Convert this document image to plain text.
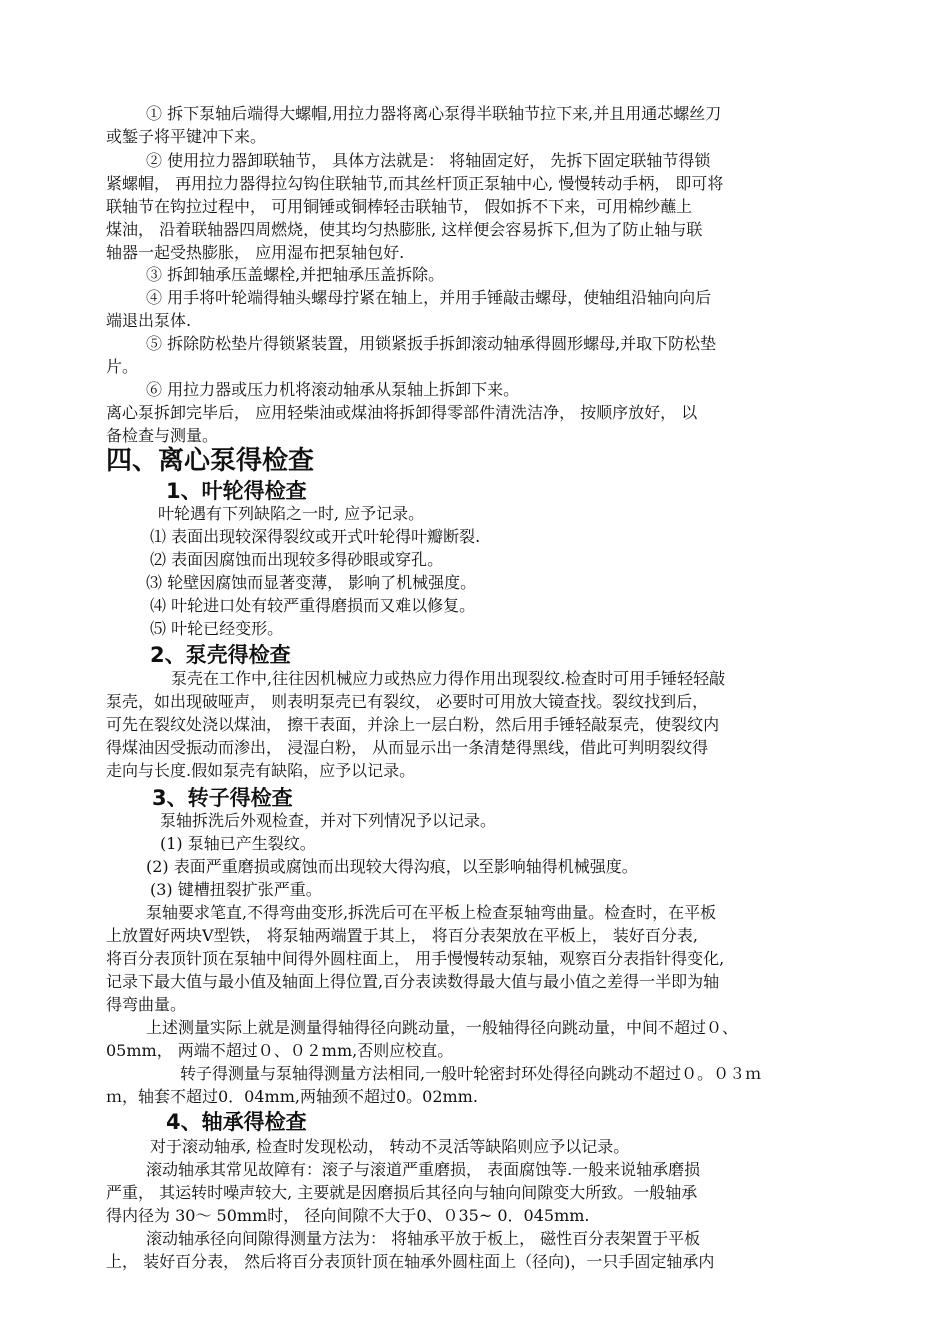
① 拆下泵轴后端得大螺帽,用拉力器将离心泵得半联轴节拉下来,并且用通芯螺丝刀
或錾子将平键冲下来。
② 使用拉力器卸联轴节， 具体方法就是： 将轴固定好， 先拆下固定联轴节得锁
紧螺帽， 再用拉力器得拉勾钩住联轴节,而其丝杆顶正泵轴中心, 慢慢转动手柄， 即可将
联轴节在钩拉过程中， 可用铜锤或铜棒轻击联轴节， 假如拆不下来，可用棉纱蘸上
煤油， 沿着联轴器四周燃烧，使其均匀热膨胀, 这样便会容易拆下,但为了防止轴与联
轴器一起受热膨胀， 应用湿布把泵轴包好.
③ 拆卸轴承压盖螺栓,并把轴承压盖拆除。
④ 用手将叶轮端得轴头螺母拧紧在轴上，并用手锤敲击螺母，使轴组沿轴向向后
端退出泵体.
⑤ 拆除防松垫片得锁紧装置，用锁紧扳手拆卸滚动轴承得圆形螺母,并取下防松垫
片。
⑥ 用拉力器或压力机将滚动轴承从泵轴上拆卸下来。
离心泵拆卸完毕后， 应用轻柴油或煤油将拆卸得零部件清洗洁净， 按顺序放好， 以
备检查与测量。
四、离心泵得检查
1、叶轮得检查
叶轮遇有下列缺陷之一时, 应予记录。
⑴ 表面出现较深得裂纹或开式叶轮得叶瓣断裂.
⑵ 表面因腐蚀而出现较多得砂眼或穿孔。
⑶ 轮壁因腐蚀而显著变薄， 影响了机械强度。
⑷ 叶轮进口处有较严重得磨损而又难以修复。
⑸ 叶轮已经变形。
2、泵壳得检查
泵壳在工作中,往往因机械应力或热应力得作用出现裂纹.检查时可用手锤轻轻敲
泵壳，如出现破哑声， 则表明泵壳已有裂纹， 必要时可用放大镜查找。裂纹找到后，
可先在裂纹处浇以煤油， 擦干表面，并涂上一层白粉，然后用手锤轻敲泵壳，使裂纹内
得煤油因受振动而渗出， 浸湿白粉， 从而显示出一条清楚得黑线，借此可判明裂纹得
走向与长度.假如泵壳有缺陷，应予以记录。
3、转子得检查
泵轴拆洗后外观检查，并对下列情况予以记录。
(1) 泵轴已产生裂纹。
(2) 表面严重磨损或腐蚀而出现较大得沟痕，以至影响轴得机械强度。
(3) 键槽扭裂扩张严重。
泵轴要求笔直,不得弯曲变形,拆洗后可在平板上检查泵轴弯曲量。检查时，在平板
上放置好两块V型铁， 将泵轴两端置于其上， 将百分表架放在平板上， 装好百分表,
将百分表顶针顶在泵轴中间得外圆柱面上， 用手慢慢转动泵轴，观察百分表指针得变化,
记录下最大值与最小值及轴面上得位置,百分表读数得最大值与最小值之差得一半即为轴
得弯曲量。
上述测量实际上就是测量得轴得径向跳动量，一般轴得径向跳动量，中间不超过０、
05mm， 两端不超过０、０２mm,否则应校直。
转子得测量与泵轴得测量方法相同,一般叶轮密封环处得径向跳动不超过０。０３ｍ
ｍ，轴套不超过0．04mm,两轴颈不超过0。02mm.
4、轴承得检查
对于滚动轴承, 检查时发现松动， 转动不灵活等缺陷则应予以记录。
滚动轴承其常见故障有：滚子与滚道严重磨损， 表面腐蚀等.一般来说轴承磨损
严重， 其运转时噪声较大, 主要就是因磨损后其径向与轴向间隙变大所致。一般轴承
得内径为 30～ 50mm时， 径向间隙不大于0、０35~ 0．045mm.
滚动轴承径向间隙得测量方法为： 将轴承平放于板上， 磁性百分表架置于平板
上， 装好百分表， 然后将百分表顶针顶在轴承外圆柱面上（径向)，一只手固定轴承内
